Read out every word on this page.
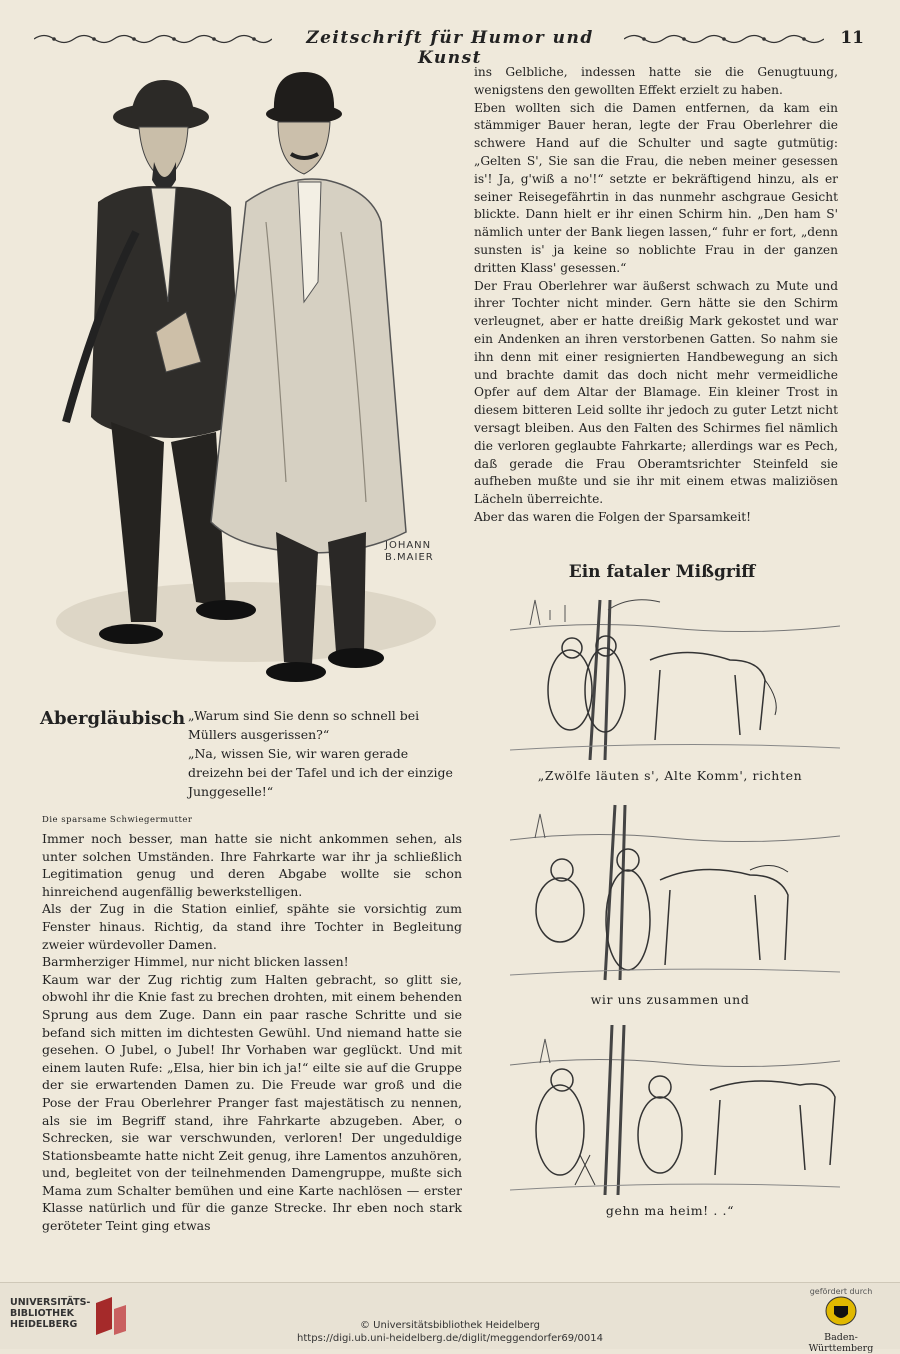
Zeitschrift für Humor und Kunst
11
JOHANN
B.MAIER
Abergläubisch „Warum sind Sie denn so schnell bei Müllers ausgerissen?“

„Na, wissen Sie, wir waren gerade dreizehn bei der Tafel und ich der einzige Junggeselle!“

ins Gelbliche, indessen hatte sie die Genugtuung, wenigstens den gewollten Effekt erzielt zu haben.

Eben wollten sich die Damen entfernen, da kam ein stämmiger Bauer heran, legte der Frau Oberlehrer die schwere Hand auf die Schulter und sagte gutmütig: „Gelten S', Sie san die Frau, die neben meiner gesessen is'! Ja, g'wiß a no'!“ setzte er bekräftigend hinzu, als er seiner Reisegefährtin in das nunmehr aschgraue Gesicht blickte. Dann hielt er ihr einen Schirm hin. „Den ham S' nämlich unter der Bank liegen lassen,“ fuhr er fort, „denn sunsten is' ja keine so noblichte Frau in der ganzen dritten Klass' gesessen.“

Der Frau Oberlehrer war äußerst schwach zu Mute und ihrer Tochter nicht minder. Gern hätte sie den Schirm verleugnet, aber er hatte dreißig Mark gekostet und war ein Andenken an ihren verstorbenen Gatten. So nahm sie ihn denn mit einer resignierten Handbewegung an sich und brachte damit das doch nicht mehr vermeidliche Opfer auf dem Altar der Blamage. Ein kleiner Trost in diesem bitteren Leid sollte ihr jedoch zu guter Letzt nicht versagt bleiben. Aus den Falten des Schirmes fiel nämlich die verloren geglaubte Fahrkarte; allerdings war es Pech, daß gerade die Frau Oberamtsrichter Steinfeld sie aufheben mußte und sie ihr mit einem etwas maliziösen Lächeln überreichte.

Aber das waren die Folgen der Sparsamkeit!

Die sparsame Schwiegermutter

Immer noch besser, man hatte sie nicht ankommen sehen, als unter solchen Umständen. Ihre Fahrkarte war ihr ja schließlich Legitimation genug und deren Abgabe wollte sie schon hinreichend augenfällig bewerkstelligen.

Als der Zug in die Station einlief, spähte sie vorsichtig zum Fenster hinaus. Richtig, da stand ihre Tochter in Begleitung zweier würdevoller Damen.

Barmherziger Himmel, nur nicht blicken lassen!

Kaum war der Zug richtig zum Halten gebracht, so glitt sie, obwohl ihr die Knie fast zu brechen drohten, mit einem behenden Sprung aus dem Zuge. Dann ein paar rasche Schritte und sie befand sich mitten im dichtesten Gewühl. Und niemand hatte sie gesehen. O Jubel, o Jubel! Ihr Vorhaben war geglückt. Und mit einem lauten Rufe: „Elsa, hier bin ich ja!“ eilte sie auf die Gruppe der sie erwartenden Damen zu. Die Freude war groß und die Pose der Frau Oberlehrer Pranger fast majestätisch zu nennen, als sie im Begriff stand, ihre Fahrkarte abzugeben. Aber, o Schrecken, sie war verschwunden, verloren! Der ungeduldige Stationsbeamte hatte nicht Zeit genug, ihre Lamentos anzuhören, und, begleitet von der teilnehmenden Damengruppe, mußte sich Mama zum Schalter bemühen und eine Karte nachlösen — erster Klasse natürlich und für die ganze Strecke. Ihr eben noch stark geröteter Teint ging etwas

Ein fataler Mißgriff
„Zwölfe läuten s', Alte Komm', richten
wir uns zusammen und
gehn ma heim! . .“
UNIVERSITÄTS-
BIBLIOTHEK
HEIDELBERG	© Universitätsbibliothek Heidelberg
https://digi.ub.uni-heidelberg.de/diglit/meggendorfer69/0014
gefördert durch
Baden-Württemberg
